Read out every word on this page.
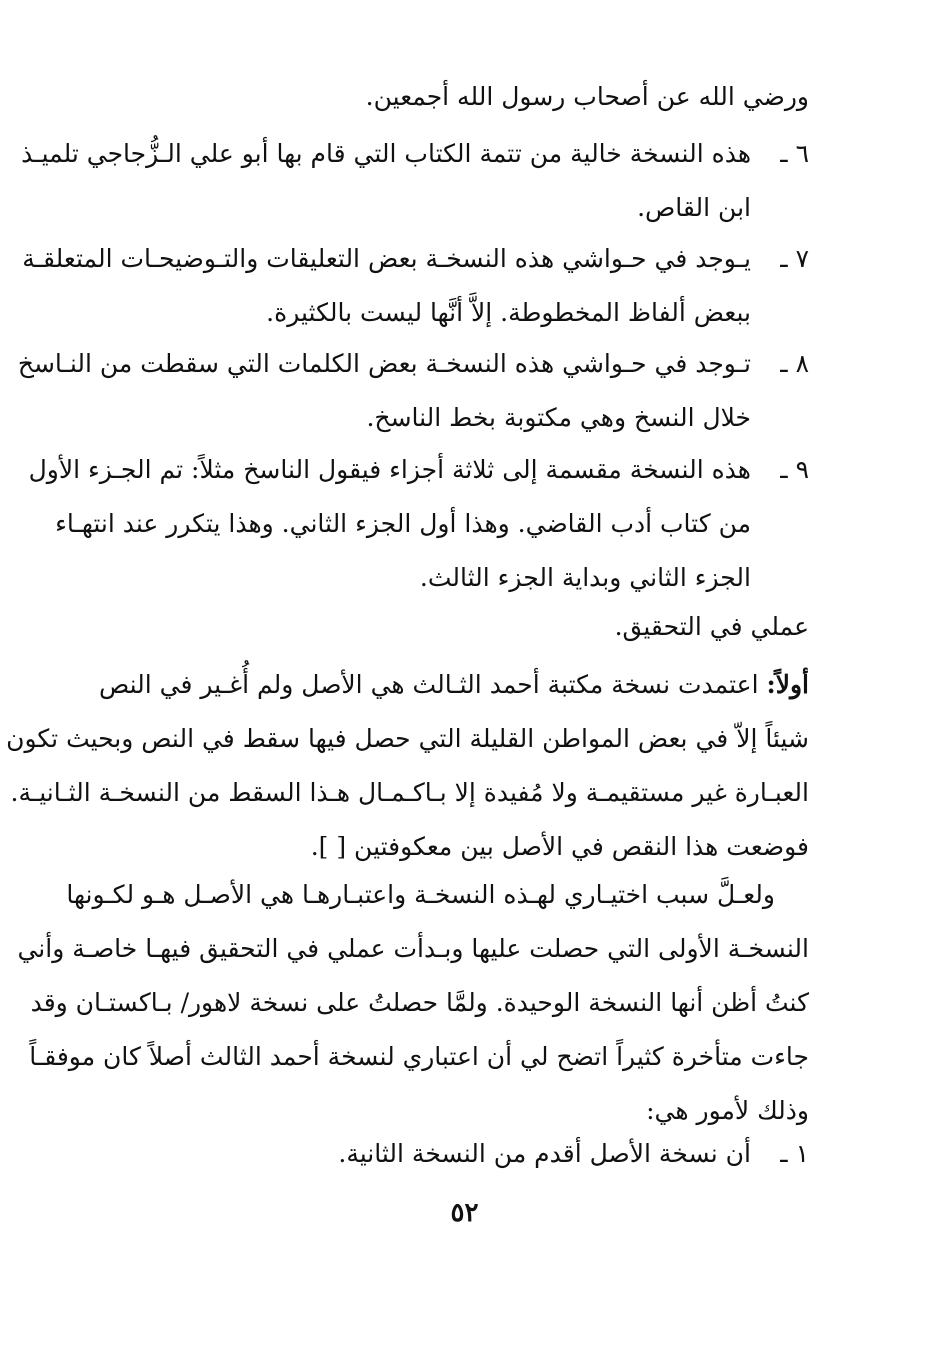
ورضي الله عن أصحاب رسول الله أجمعين.
٦ ـ
هذه النسخة خالية من تتمة الكتاب التي قام بها أبو علي الـزُّجاجي تلميـذ
ابن القاص.
٧ ـ
يـوجد في حـواشي هذه النسخـة بعض التعليقات والتـوضيحـات المتعلقـة
ببعض ألفاظ المخطوطة. إلاَّ أنَّها ليست بالكثيرة.
٨ ـ
تـوجد في حـواشي هذه النسخـة بعض الكلمات التي سقطت من النـاسخ
خلال النسخ وهي مكتوبة بخط الناسخ.
٩ ـ
هذه النسخة مقسمة إلى ثلاثة أجزاء فيقول الناسخ مثلاً: تم الجـزء الأول
من كتاب أدب القاضي. وهذا أول الجزء الثاني. وهذا يتكرر عند انتهـاء
الجزء الثاني وبداية الجزء الثالث.
عملي في التحقيق.
أولاً: اعتمدت نسخة مكتبة أحمد الثـالث هي الأصل ولم أُغـير في النص
شيئاً إلاّ في بعض المواطن القليلة التي حصل فيها سقط في النص وبحيث تكون
العبـارة غير مستقيمـة ولا مُفيدة إلا بـاكـمـال هـذا السقط من النسخـة الثـانيـة.
فوضعت هذا النقص في الأصل بين معكوفتين [ ].
ولعـلَّ سبب اختيـاري لهـذه النسخـة واعتبـارهـا هي الأصـل هـو لكـونها
النسخـة الأولى التي حصلت عليها وبـدأت عملي في التحقيق فيهـا خاصـة وأني
كنتُ أظن أنها النسخة الوحيدة. ولمَّا حصلتُ على نسخة لاهور/ بـاكستـان وقد
جاءت متأخرة كثيراً اتضح لي أن اعتباري لنسخة أحمد الثالث أصلاً كان موفقـاً
وذلك لأمور هي:
١ ـ
أن نسخة الأصل أقدم من النسخة الثانية.
٥٢
